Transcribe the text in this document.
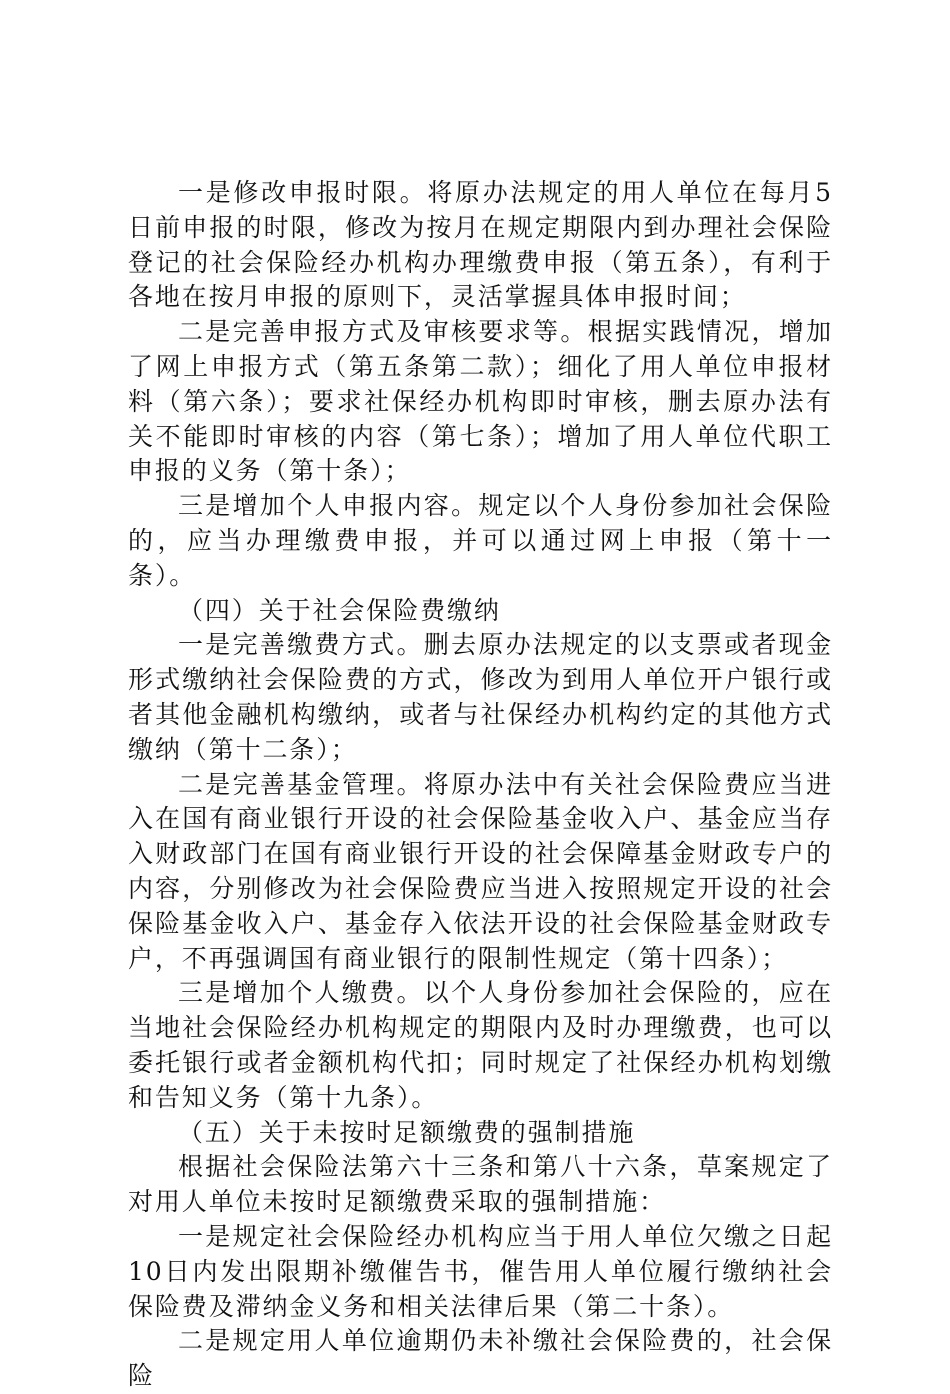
一是修改申报时限。将原办法规定的用人单位在每月5日前申报的时限，修改为按月在规定期限内到办理社会保险登记的社会保险经办机构办理缴费申报（第五条），有利于各地在按月申报的原则下，灵活掌握具体申报时间；

二是完善申报方式及审核要求等。根据实践情况，增加了网上申报方式（第五条第二款）；细化了用人单位申报材料（第六条）；要求社保经办机构即时审核，删去原办法有关不能即时审核的内容（第七条）；增加了用人单位代职工申报的义务（第十条）；

三是增加个人申报内容。规定以个人身份参加社会保险的，应当办理缴费申报，并可以通过网上申报（第十一条）。

（四）关于社会保险费缴纳

一是完善缴费方式。删去原办法规定的以支票或者现金形式缴纳社会保险费的方式，修改为到用人单位开户银行或者其他金融机构缴纳，或者与社保经办机构约定的其他方式缴纳（第十二条）；

二是完善基金管理。将原办法中有关社会保险费应当进入在国有商业银行开设的社会保险基金收入户、基金应当存入财政部门在国有商业银行开设的社会保障基金财政专户的内容，分别修改为社会保险费应当进入按照规定开设的社会保险基金收入户、基金存入依法开设的社会保险基金财政专户，不再强调国有商业银行的限制性规定（第十四条）；

三是增加个人缴费。以个人身份参加社会保险的，应在当地社会保险经办机构规定的期限内及时办理缴费，也可以委托银行或者金额机构代扣；同时规定了社保经办机构划缴和告知义务（第十九条）。

（五）关于未按时足额缴费的强制措施

根据社会保险法第六十三条和第八十六条，草案规定了对用人单位未按时足额缴费采取的强制措施：

一是规定社会保险经办机构应当于用人单位欠缴之日起10日内发出限期补缴催告书，催告用人单位履行缴纳社会保险费及滞纳金义务和相关法律后果（第二十条）。

二是规定用人单位逾期仍未补缴社会保险费的，社会保险
